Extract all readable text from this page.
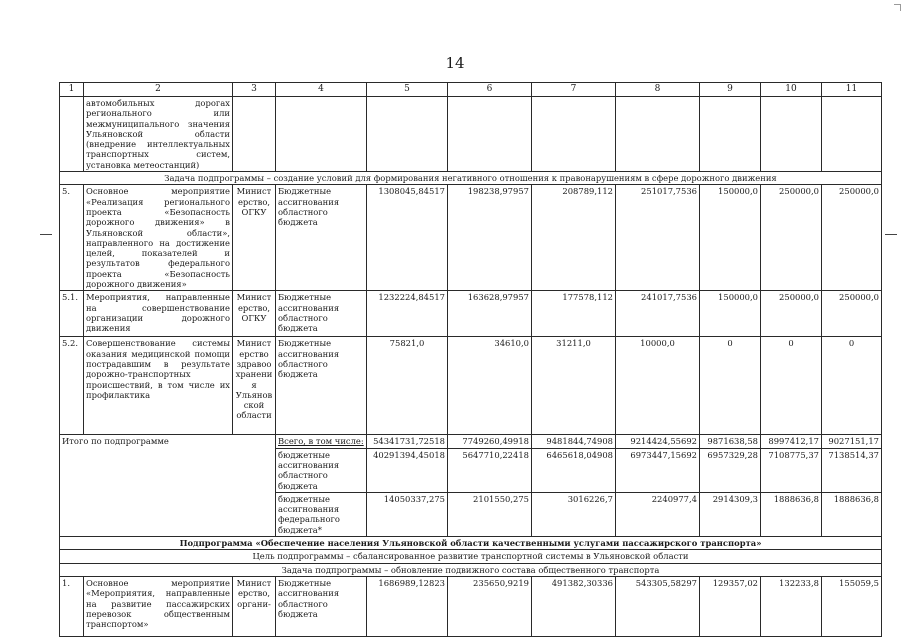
14
1	2	3	4	5	6	7	8	9	10	11
	автомобильных дорогах регионального или межмуниципального значения Ульяновской области (внедрение интеллектуальных транспортных систем, установка метеостанций)									
Задача подпрограммы – создание условий для формирования негативного отношения к правонарушениям в сфере дорожного движения										
5.	Основное мероприятие «Реализация регионального проекта «Безопасность дорожного движения» в Ульяновской области», направленного на достижение целей, показателей и результатов федерального проекта «Безопасность дорожного движения»	Министерство, ОГКУ	Бюджетные ассигнования областного бюджета	1308045,84517	198238,97957	208789,112	251017,7536	150000,0	250000,0	250000,0
5.1.	Мероприятия, направленные на совершенствование организации дорожного движения	Министерство, ОГКУ	Бюджетные ассигнования областного бюджета	1232224,84517	163628,97957	177578,112	241017,7536	150000,0	250000,0	250000,0
5.2.	Совершенствование системы оказания медицинской помощи пострадавшим в результате дорожно-транспортных происшествий, в том числе их профилактика	Министерство здравоохранения Ульяновской области	Бюджетные ассигнования областного бюджета	75821,0	34610,0	31211,0	10000,0	0	0	0
Итого по подпрограмме			Всего, в том числе:	54341731,72518	7749260,49918	9481844,74908	9214424,55692	9871638,58	8997412,17	9027151,17
			бюджетные ассигнования областного бюджета	40291394,45018	5647710,22418	6465618,04908	6973447,15692	6957329,28	7108775,37	7138514,37
			бюджетные ассигнования федерального бюджета*	14050337,275	2101550,275	3016226,7	2240977,4	2914309,3	1888636,8	1888636,8
Подпрограмма «Обеспечение населения Ульяновской области качественными услугами пассажирского транспорта»										
Цель подпрограммы – сбалансированное развитие транспортной системы в Ульяновской области										
Задача подпрограммы – обновление подвижного состава общественного транспорта										
1.	Основное мероприятие «Мероприятия, направленные на развитие пассажирских перевозок общественным транспортом»	Министерство, органи-	Бюджетные ассигнования областного бюджета	1686989,12823	235650,9219	491382,30336	543305,58297	129357,02	132233,8	155059,5
